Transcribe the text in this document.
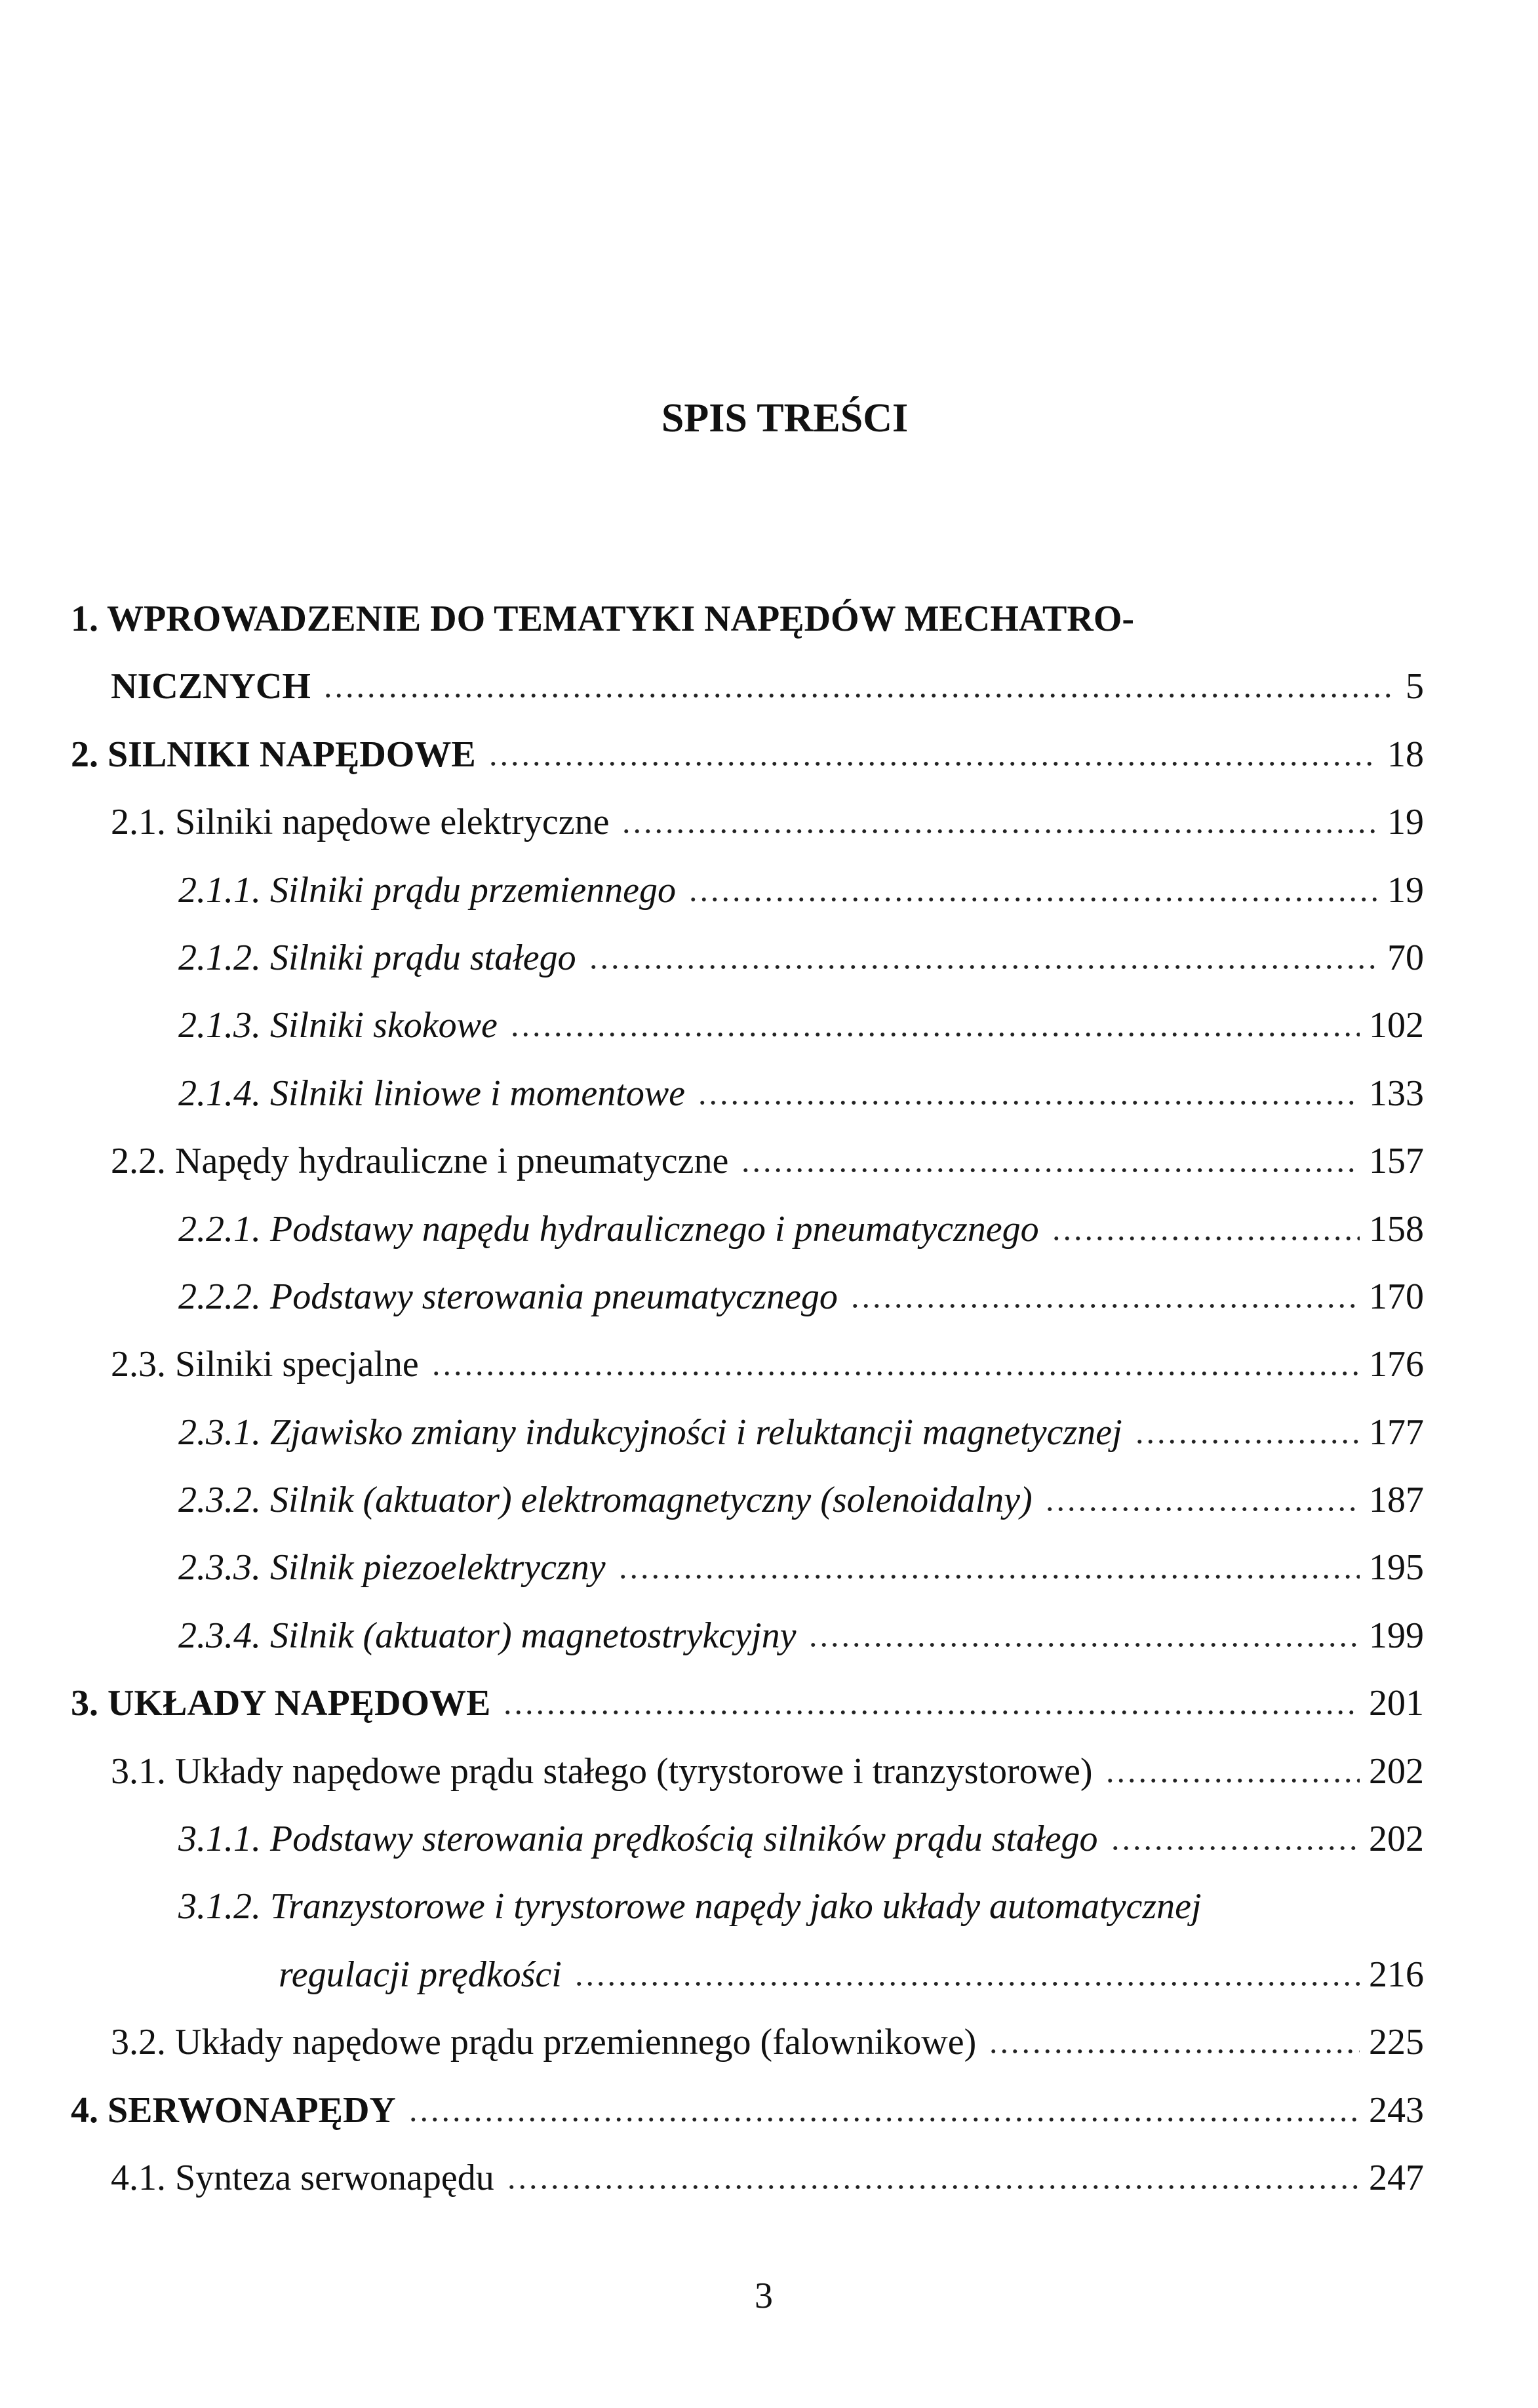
SPIS TREŚCI
1. WPROWADZENIE DO TEMATYKI NAPĘDÓW MECHATRO-
NICZNYCH	5
2. SILNIKI NAPĘDOWE	18
2.1. Silniki napędowe elektryczne	19
2.1.1. Silniki prądu przemiennego	19
2.1.2. Silniki prądu stałego	70
2.1.3. Silniki skokowe	102
2.1.4. Silniki liniowe i momentowe	133
2.2. Napędy hydrauliczne i pneumatyczne	157
2.2.1. Podstawy napędu hydraulicznego i pneumatycznego	158
2.2.2. Podstawy sterowania pneumatycznego	170
2.3. Silniki specjalne	176
2.3.1. Zjawisko zmiany indukcyjności i reluktancji magnetycznej	177
2.3.2. Silnik (aktuator) elektromagnetyczny (solenoidalny)	187
2.3.3. Silnik piezoelektryczny	195
2.3.4. Silnik (aktuator) magnetostrykcyjny	199
3. UKŁADY NAPĘDOWE	201
3.1. Układy napędowe prądu stałego (tyrystorowe i tranzystorowe)	202
3.1.1. Podstawy sterowania prędkością silników prądu stałego	202
3.1.2. Tranzystorowe i tyrystorowe napędy jako układy automatycznej
regulacji prędkości	216
3.2. Układy napędowe prądu przemiennego (falownikowe)	225
4. SERWONAPĘDY	243
4.1. Synteza serwonapędu	247
3
